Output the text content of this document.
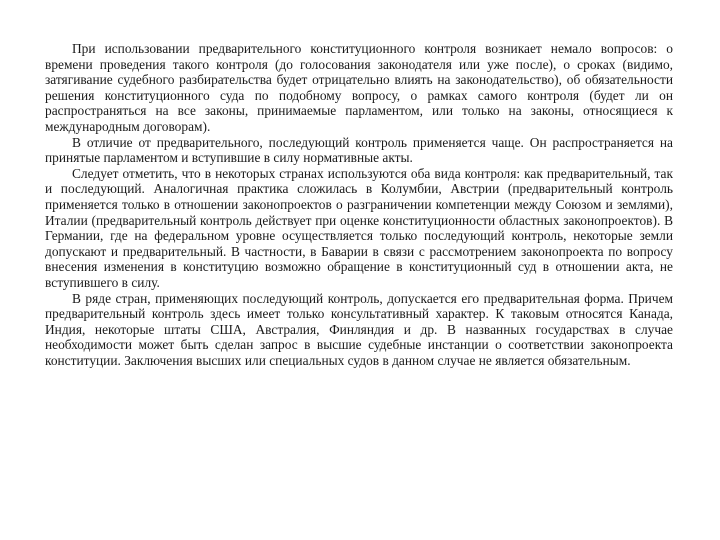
При использовании предварительного конституционного контроля возникает немало вопросов: о времени проведения такого контроля (до голосования законодателя или уже после), о сроках (видимо, затягивание судебного разбирательства будет отрицательно влиять на законодательство), об обязательности решения конституционного суда по подобному вопросу, о рамках самого контроля (будет ли он распространяться на все законы, принимаемые парламентом, или только на законы, относящиеся к международным договорам).

В отличие от предварительного, последующий контроль применяется чаще. Он распространяется на принятые парламентом и вступившие в силу нормативные акты.

Следует отметить, что в некоторых странах используются оба вида контроля: как предварительный, так и последующий. Аналогичная практика сложилась в Колумбии, Австрии (предварительный контроль применяется только в отношении законопроектов о разграничении компетенции между Союзом и землями), Италии (предварительный контроль действует при оценке конституционности областных законопроектов). В Германии, где на федеральном уровне осуществляется только последующий контроль, некоторые земли допускают и предварительный. В частности, в Баварии в связи с рассмотрением законопроекта по вопросу внесения изменения в конституцию возможно обращение в конституционный суд в отношении акта, не вступившего в силу.

В ряде стран, применяющих последующий контроль, допускается его предварительная форма. Причем предварительный контроль здесь имеет только консультативный характер. К таковым относятся Канада, Индия, некоторые штаты США, Австралия, Финляндия и др. В названных государствах в случае необходимости может быть сделан запрос в высшие судебные инстанции о соответствии законопроекта конституции. Заключения высших или специальных судов в данном случае не является обязательным.
